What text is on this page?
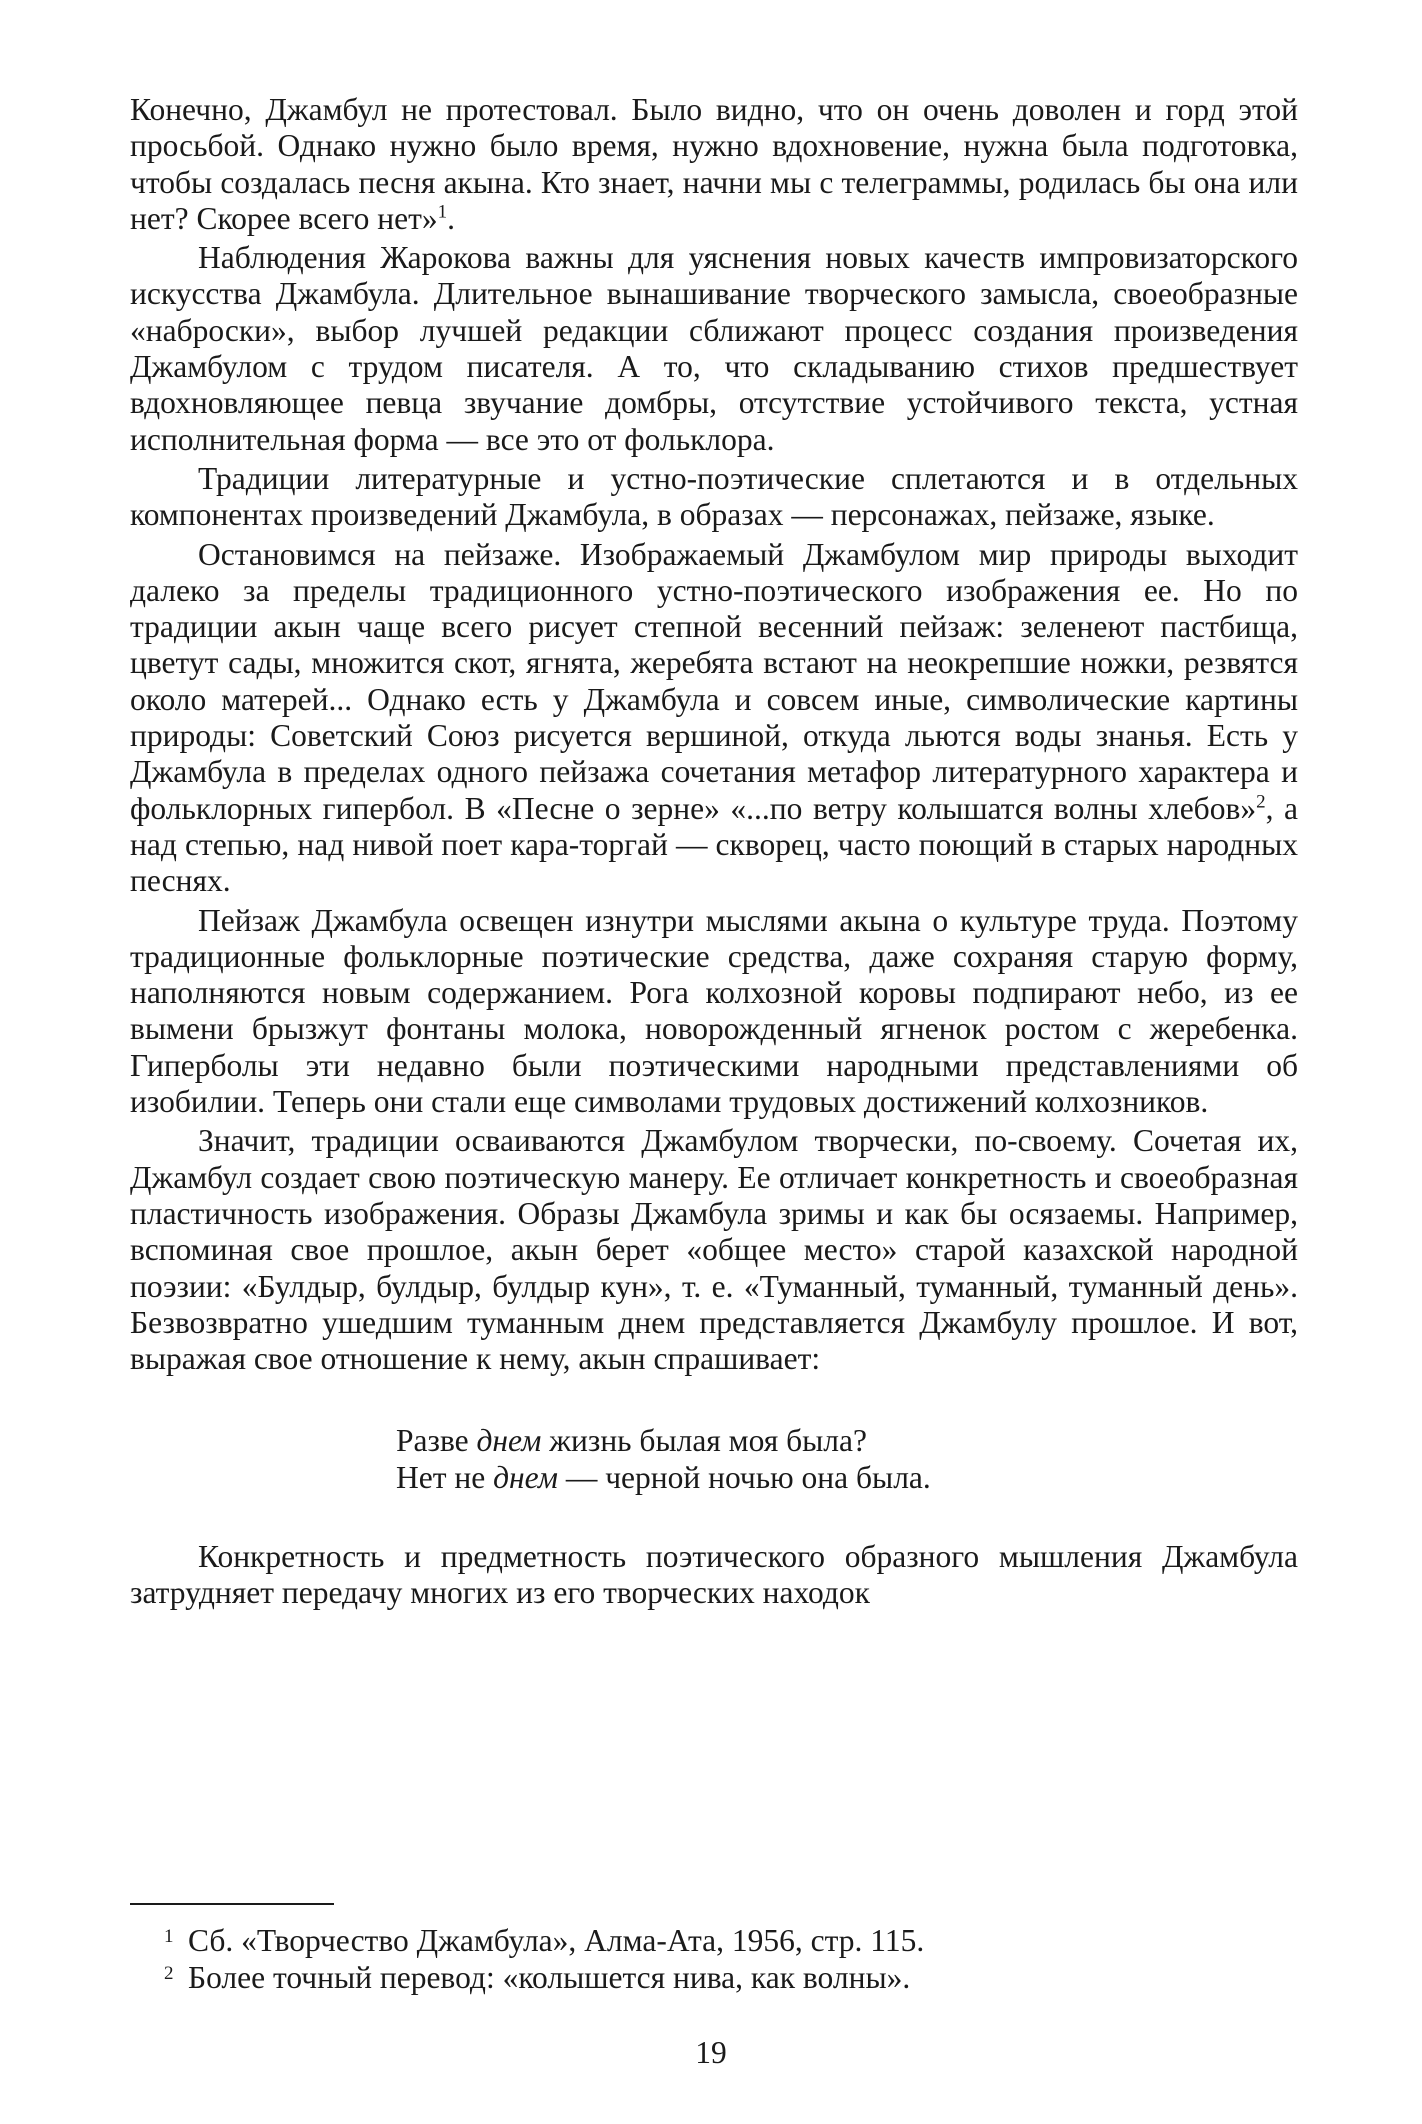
Конечно, Джамбул не протестовал. Было видно, что он очень доволен и горд этой просьбой. Однако нужно было время, нужно вдохновение, нужна была подготовка, чтобы создалась песня акына. Кто знает, начни мы с телеграммы, родилась бы она или нет? Скорее всего нет»$^1$.

Наблюдения Жарокова важны для уяснения новых качеств импровизаторского искусства Джамбула. Длительное вынашивание творческого замысла, своеобразные «наброски», выбор лучшей редакции сближают процесс создания произведения Джамбулом с трудом писателя. А то, что складыванию стихов предшествует вдохновляющее певца звучание домбры, отсутствие устойчивого текста, устная исполнительная форма — все это от фольклора.

Традиции литературные и устно-поэтические сплетаются и в отдельных компонентах произведений Джамбула, в образах — персонажах, пейзаже, языке.

Остановимся на пейзаже. Изображаемый Джамбулом мир природы выходит далеко за пределы традиционного устно-поэтического изображения ее. Но по традиции акын чаще всего рисует степной весенний пейзаж: зеленеют пастбища, цветут сады, множится скот, ягнята, жеребята встают на неокрепшие ножки, резвятся около матерей... Однако есть у Джамбула и совсем иные, символические картины природы: Советский Союз рисуется вершиной, откуда льются воды знанья. Есть у Джамбула в пределах одного пейзажа сочетания метафор литературного характера и фольклорных гипербол. В «Песне о зерне» «...по ветру колышатся волны хлебов»$^2$, а над степью, над нивой поет кара-торгай — скворец, часто поющий в старых народных песнях.

Пейзаж Джамбула освещен изнутри мыслями акына о культуре труда. Поэтому традиционные фольклорные поэтические средства, даже сохраняя старую форму, наполняются новым содержанием. Рога колхозной коровы подпирают небо, из ее вымени брызжут фонтаны молока, новорожденный ягненок ростом с жеребенка. Гиперболы эти недавно были поэтическими народными представлениями об изобилии. Теперь они стали еще символами трудовых достижений колхозников.

Значит, традиции осваиваются Джамбулом творчески, по-своему. Сочетая их, Джамбул создает свою поэтическую манеру. Ее отличает конкретность и своеобразная пластичность изображения. Образы Джамбула зримы и как бы осязаемы. Например, вспоминая свое прошлое, акын берет «общее место» старой казахской народной поэзии: «Булдыр, булдыр, булдыр кун», т. е. «Туманный, туманный, туманный день». Безвозвратно ушедшим туманным днем представляется Джамбулу прошлое. И вот, выражая свое отношение к нему, акын спрашивает:

Разве днем жизнь былая моя была?
Нет не днем — черной ночью она была.

Конкретность и предметность поэтического образного мышления Джамбула затрудняет передачу многих из его творческих находок

1 Сб. «Творчество Джамбула», Алма-Ата, 1956, стр. 115.
2 Более точный перевод: «колышется нива, как волны».
19
